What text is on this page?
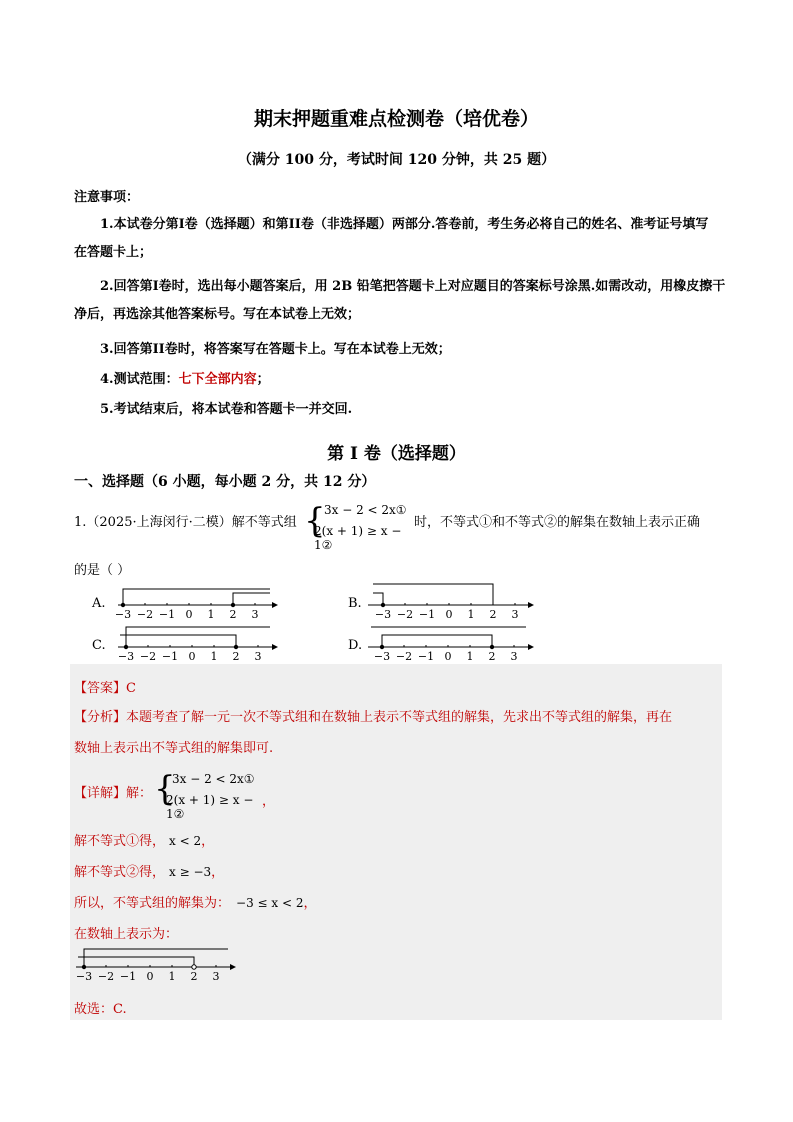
期末押题重难点检测卷（培优卷）
（满分 100 分，考试时间 120 分钟，共 25 题）
注意事项：
1.本试卷分第I卷（选择题）和第II卷（非选择题）两部分.答卷前，考生务必将自己的姓名、准考证号填写
在答题卡上；
2.回答第I卷时，选出每小题答案后，用 2B 铅笔把答题卡上对应题目的答案标号涂黑.如需改动，用橡皮擦干
净后，再选涂其他答案标号。写在本试卷上无效；
3.回答第II卷时，将答案写在答题卡上。写在本试卷上无效；
4.测试范围：七下全部内容；
5.考试结束后，将本试卷和答题卡一并交回.
第 I 卷（选择题）
一、选择题（6 小题，每小题 2 分，共 12 分）
1.（2025·上海闵行·二模）解不等式组 {
3x − 2 < 2x①
2(x + 1) ≥ x − 1②
时，不等式①和不等式②的解集在数轴上表示正确
的是（ ）
A.
−3 −2 −1 0 1 2 3
B.
−3 −2 −1 0 1 2 3
C.
−3 −2 −1 0 1 2 3
D.
−3 −2 −1 0 1 2 3
【答案】C
【分析】本题考查了解一元一次不等式组和在数轴上表示不等式组的解集，先求出不等式组的解集，再在
数轴上表示出不等式组的解集即可.
【详解】解： {
3x − 2 < 2x①
2(x + 1) ≥ x − 1②
，
解不等式①得， x < 2，
解不等式②得， x ≥ −3，
所以，不等式组的解集为： −3 ≤ x < 2，
在数轴上表示为：
−3 −2 −1 0 1 2 3
故选：C.
